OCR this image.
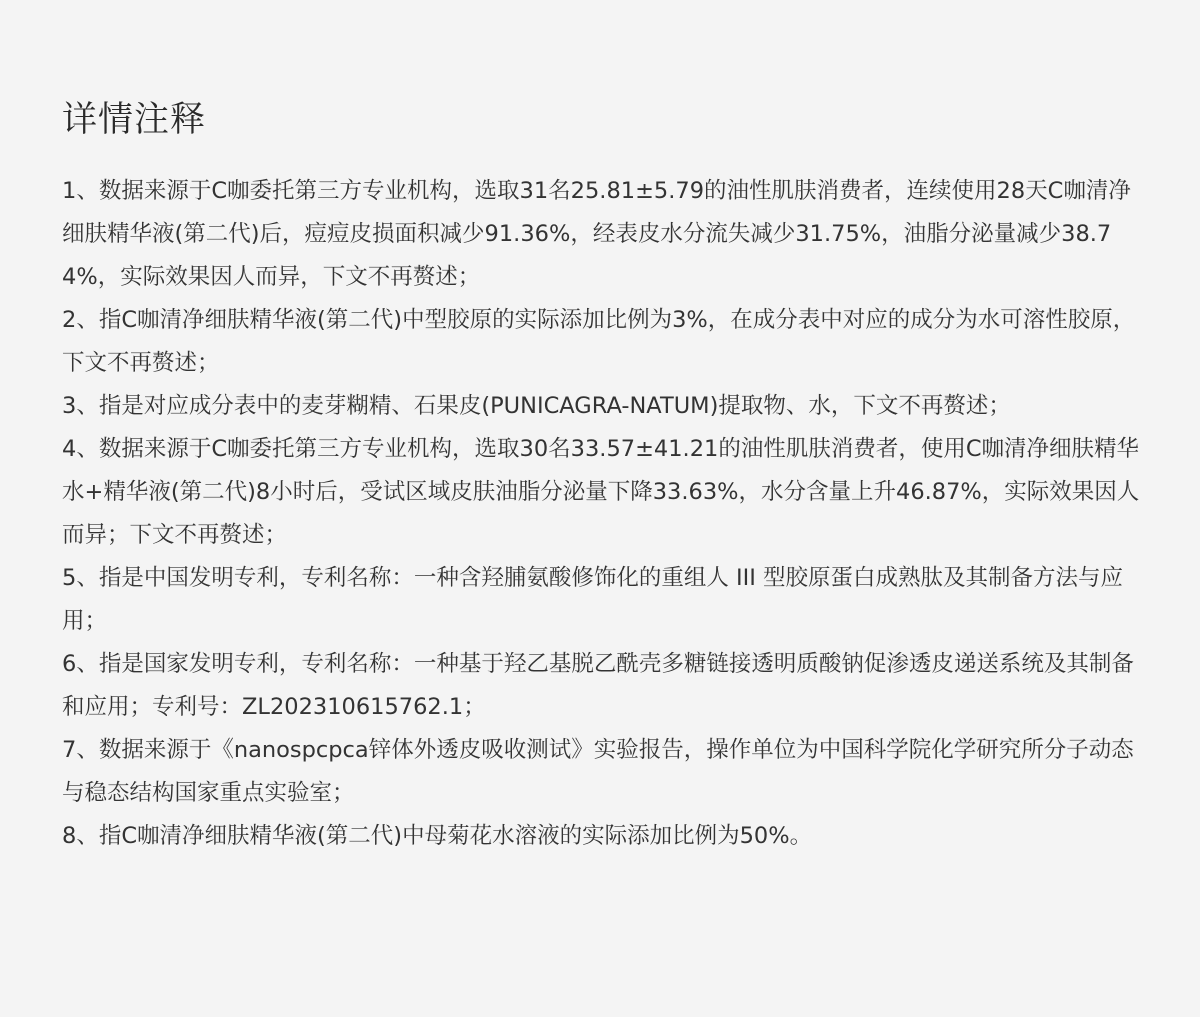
详情注释
1、数据来源于C咖委托第三方专业机构，选取31名25.81±5.79的油性肌肤消费者，连续使用28天C咖清净细肤精华液(第二代)后，痘痘皮损面积减少91.36%，经表皮水分流失减少31.75%，油脂分泌量减少38.74%，实际效果因人而异，下文不再赘述；
2、指C咖清净细肤精华液(第二代)中型胶原的实际添加比例为3%，在成分表中对应的成分为水可溶性胶原，下文不再赘述；
3、指是对应成分表中的麦芽糊精、石果皮(PUNICAGRA-NATUM)提取物、水，下文不再赘述；
4、数据来源于C咖委托第三方专业机构，选取30名33.57±41.21的油性肌肤消费者，使用C咖清净细肤精华水+精华液(第二代)8小时后，受试区域皮肤油脂分泌量下降33.63%，水分含量上升46.87%，实际效果因人而异；下文不再赘述；
5、指是中国发明专利，专利名称：一种含羟脯氨酸修饰化的重组人 III 型胶原蛋白成熟肽及其制备方法与应用；
6、指是国家发明专利，专利名称：一种基于羟乙基脱乙酰壳多糖链接透明质酸钠促渗透皮递送系统及其制备和应用；专利号：ZL202310615762.1；
7、数据来源于《nanospcpca锌体外透皮吸收测试》实验报告，操作单位为中国科学院化学研究所分子动态与稳态结构国家重点实验室；
8、指C咖清净细肤精华液(第二代)中母菊花水溶液的实际添加比例为50%。
